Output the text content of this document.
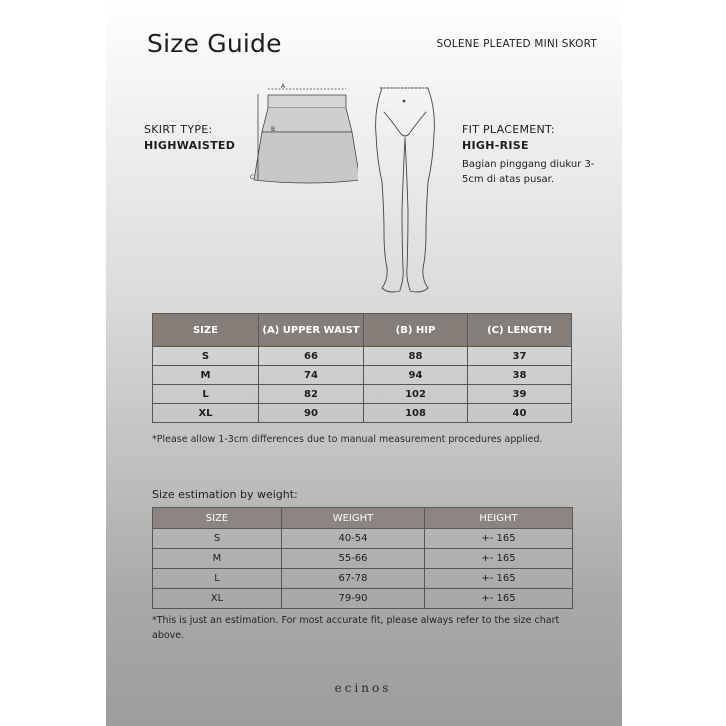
Size Guide	SOLENE PLEATED MINI SKORT
SKIRT TYPE:
HIGHWAISTED
A
B
C
FIT PLACEMENT:
HIGH-RISE
Bagian pinggang diukur 3-5cm di atas pusar.
SIZE	(A) UPPER WAIST	(B) HIP	(C) LENGTH
S	66	88	37
M	74	94	38
L	82	102	39
XL	90	108	40
*Please allow 1-3cm differences due to manual measurement procedures applied.
Size estimation by weight:
SIZE	WEIGHT	HEIGHT
S	40-54	+- 165
M	55-66	+- 165
L	67-78	+- 165
XL	79-90	+- 165
*This is just an estimation. For most accurate fit, please always refer to the size chart above.
ecinos
